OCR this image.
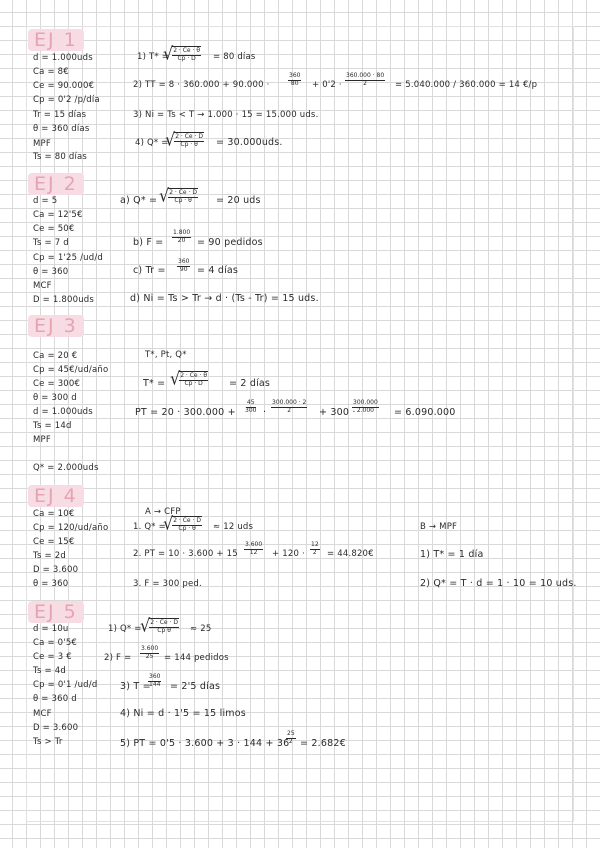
EJ 1
d = 1.000uds
Ca = 8€
Ce = 90.000€
Cp = 0'2 /p/día
Tr = 15 días
θ = 360 días
MPF
Ts = 80 días
1) T* =
√ $\frac{2 \cdot Ce \cdot \theta}{Cp \cdot D} = 80$ días
2) TT = 8 · 360.000 + 90.000 ·	$\frac{360}{80} + 0'2 \cdot \frac{360.000 \cdot 80}{2} = 5.040.000 / 360.000 = 14$ €/p
3) Ni = Ts < T → 1.000 · 15 = 15.000 uds.
4) Q* =
√ $\frac{2 \cdot Ce \cdot D}{Cp \cdot \theta} = 30.000uds$.
EJ 2
d = 5
Ca = 12'5€
Ce = 50€
Ts = 7 d
Cp = 1'25 /ud/d
θ = 360
MCF
D = 1.800uds
a) Q* = √ $\frac{2 \cdot Ce \cdot D}{Cp \cdot \theta} = 20$ uds
b) $F = \frac{1.800}{20} = 90$ pedidos
c) $Tr = \frac{360}{90} = 4$ días
d) Ni = Ts > Tr → d · (Ts - Tr) = 15 uds.
EJ 3
Ca = 20 €
Cp = 45€/ud/año
Ce = 300€
θ = 300 d
d = 1.000uds
Ts = 14d
MPF
Q* = 2.000uds
T*, Pt, Q*
T* = √ $\frac{2 \cdot Ce \cdot \theta}{Cp \cdot D} = 2$ días
PT = $20 \cdot 300.000 + \frac{45}{300} \cdot \frac{300.000 \cdot 2}{2} + 300$ ·
$\frac{300.000}{2.000} = 6.090.000$
EJ 4
Ca = 10€
Cp = 120/ud/año
Ce = 15€
Ts = 2d
D = 3.600
θ = 360
A → CFP
B → MPF
1. Q* =
√ $\frac{2 \cdot Ce \cdot D}{Cp \cdot \theta} \approx 12$ uds
2. PT = $10 \cdot 3.600 + 15 \frac{3.600}{12} + 120 \cdot \frac{12}{2}$ = 44.820€
3. F = 300 ped.
1) T* = 1 día
2) Q* = T · d = 1 · 10 = 10 uds.
EJ 5
d = 10u
Ca = 0'5€
Ce = 3 €
Ts = 4d
Cp = 0'1 /ud/d
θ = 360 d
MCF
D = 3.600
Ts > Tr
1) Q* =
√ $\frac{2 \cdot Ce \cdot D}{\text{Cp θ}} \approx 25$
2) $F = \frac{3.600}{25} = 144$ pedidos
3) T =
$\frac{360}{144} = 2'5$ días
4) Ni = d · 1'5 = 15 limos
5) PT = 0'5 · 3.600 + 3 · 144 + 36
$\frac{25}{2}$ = 2.682€
